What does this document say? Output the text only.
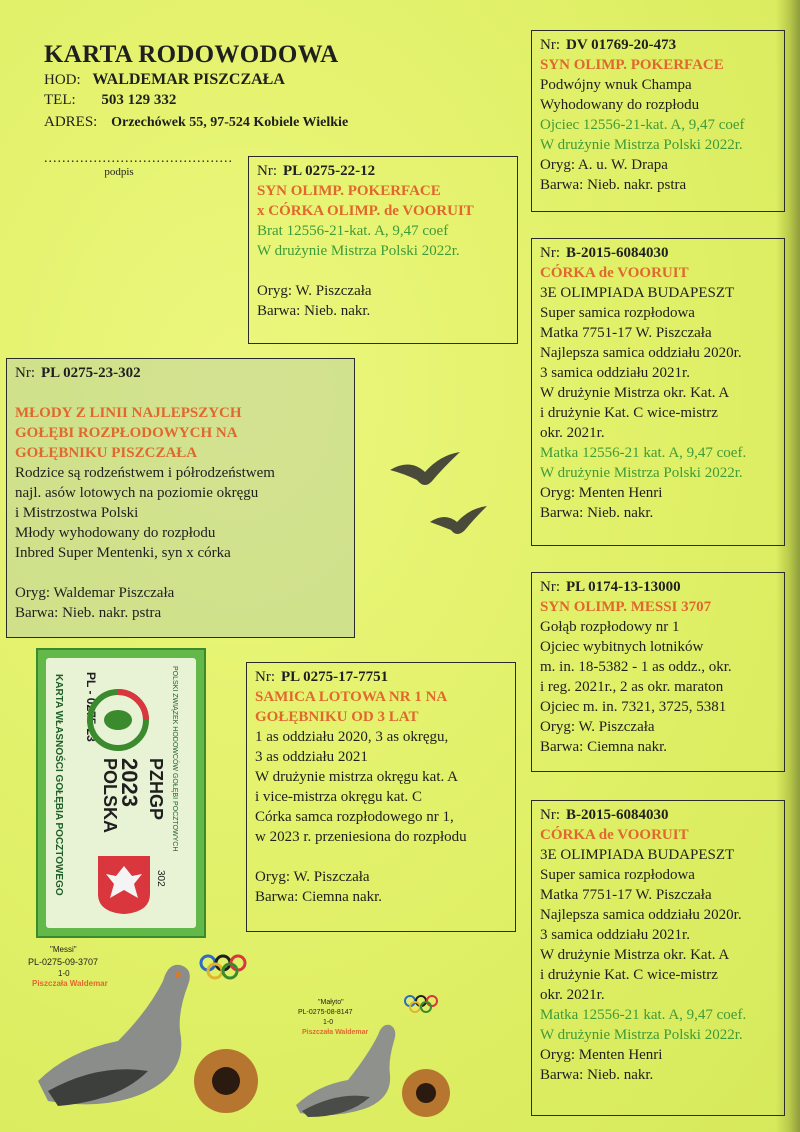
KARTA RODOWODOWA
HOD: WALDEMAR PISZCZAŁA
TEL: 503 129 332
ADRES: Orzechówek 55, 97-524 Kobiele Wielkie
..........................................
podpis	Nr: PL 0275-22-12
SYN OLIMP. POKERFACE
x CÓRKA OLIMP. de VOORUIT
Brat 12556-21-kat. A, 9,47 coef
W drużynie Mistrza Polski 2022r.
Oryg: W. Piszczała
Barwa: Nieb. nakr.
Nr: PL 0275-23-302
MŁODY Z LINII NAJLEPSZYCH
GOŁĘBI ROZPŁODOWYCH NA
GOŁĘBNIKU PISZCZAŁA
Rodzice są rodzeństwem i półrodzeństwem
najl. asów lotowych na poziomie okręgu
i Mistrzostwa Polski
Młody wyhodowany do rozpłodu
Inbred Super Mentenki, syn x córka
Oryg: Waldemar Piszczała
Barwa: Nieb. nakr. pstra
Nr: PL 0275-17-7751
SAMICA LOTOWA NR 1 NA
GOŁĘBNIKU OD 3 LAT
1 as oddziału 2020, 3 as okręgu,
3 as oddziału 2021
W drużynie mistrza okręgu kat. A
i vice-mistrza okręgu kat. C
Córka samca rozpłodowego nr 1,
w 2023 r. przeniesiona do rozpłodu
Oryg: W. Piszczała
Barwa: Ciemna nakr.
Nr: DV 01769-20-473
SYN OLIMP. POKERFACE
Podwójny wnuk Champa
Wyhodowany do rozpłodu
Ojciec 12556-21-kat. A, 9,47 coef
W drużynie Mistrza Polski 2022r.
Oryg: A. u. W. Drapa
Barwa: Nieb. nakr. pstra
Nr: B-2015-6084030
CÓRKA de VOORUIT
3E OLIMPIADA BUDAPESZT
Super samica rozpłodowa
Matka 7751-17 W. Piszczała
Najlepsza samica oddziału 2020r.
3 samica oddziału 2021r.
W drużynie Mistrza okr. Kat. A
i drużynie Kat. C wice-mistrz
okr. 2021r.
Matka 12556-21 kat. A, 9,47 coef.
W drużynie Mistrza Polski 2022r.
Oryg: Menten Henri
Barwa: Nieb. nakr.
Nr: PL 0174-13-13000
SYN OLIMP. MESSI 3707
Gołąb rozpłodowy nr 1
Ojciec wybitnych lotników
m. in. 18-5382 - 1 as oddz., okr.
i reg. 2021r., 2 as okr. maraton
Ojciec m. in. 7321, 3725, 5381
Oryg: W. Piszczała
Barwa: Ciemna nakr.
Nr: B-2015-6084030
CÓRKA de VOORUIT
3E OLIMPIADA BUDAPESZT
Super samica rozpłodowa
Matka 7751-17 W. Piszczała
Najlepsza samica oddziału 2020r.
3 samica oddziału 2021r.
W drużynie Mistrza okr. Kat. A
i drużynie Kat. C wice-mistrz
okr. 2021r.
Matka 12556-21 kat. A, 9,47 coef.
W drużynie Mistrza Polski 2022r.
Oryg: Menten Henri
Barwa: Nieb. nakr.
KARTA WŁASNOŚCI GOŁĘBIA POCZTOWEGO PL - 0275-23
POLSKA
2023 PZHGP POLSKI ZWIĄZEK HODOWCÓW GOŁĘBI POCZTOWYCH
302
"Messi"
PL-0275-09-3707
1-0
Piszczała Waldemar
"Małyto"
PL-0275-08-8147
1-0
Piszczała Waldemar
